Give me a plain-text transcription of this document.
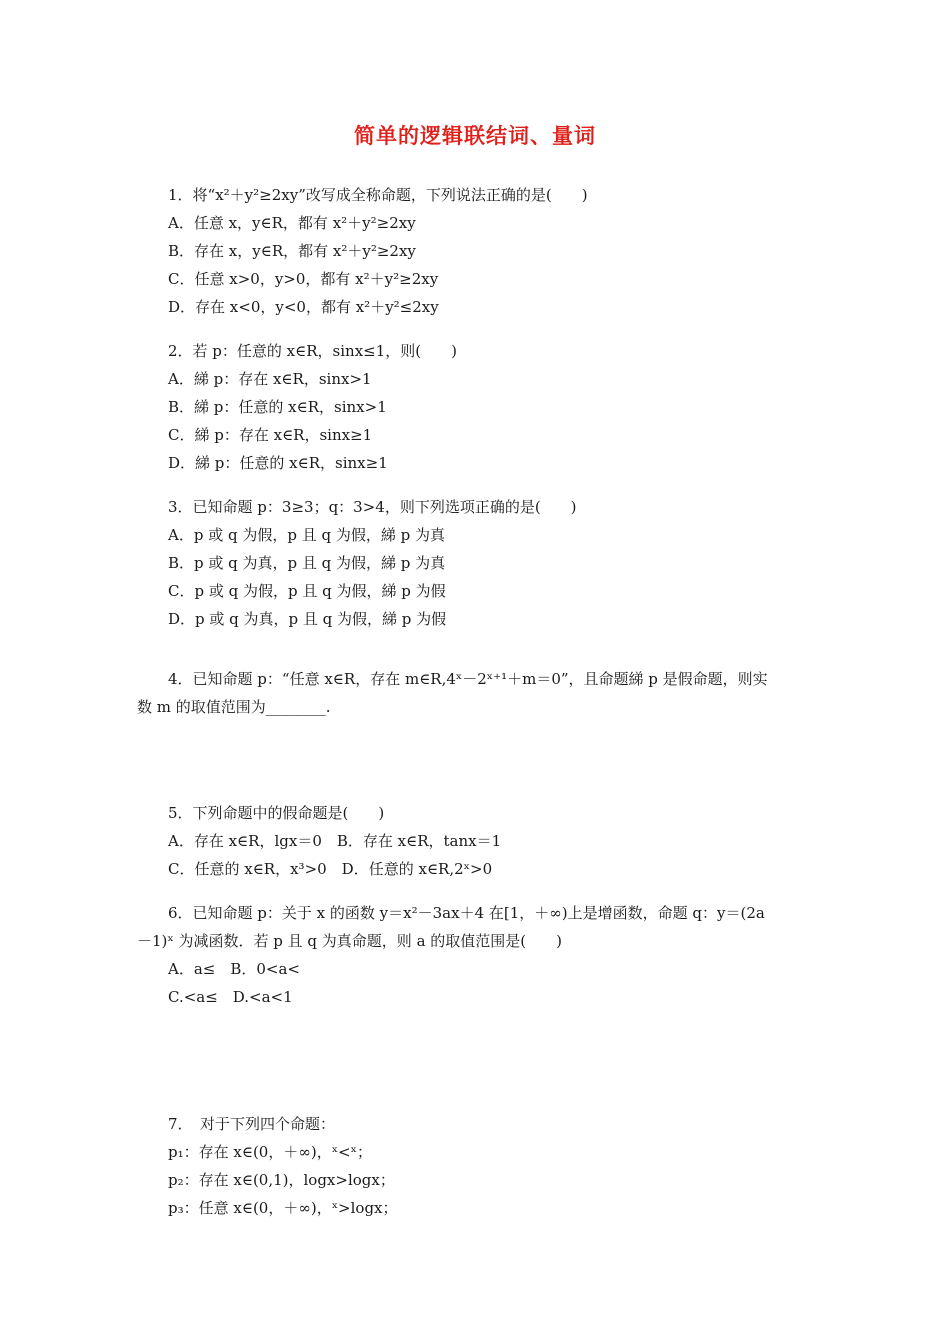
简单的逻辑联结词、量词
1．将“x²＋y²≥2xy”改写成全称命题，下列说法正确的是(　　)
A．任意 x，y∈R，都有 x²＋y²≥2xy
B．存在 x，y∈R，都有 x²＋y²≥2xy
C．任意 x>0，y>0，都有 x²＋y²≥2xy
D．存在 x<0，y<0，都有 x²＋y²≤2xy
2．若 p：任意的 x∈R，sinx≤1，则(　　)
A．綈 p：存在 x∈R，sinx>1
B．綈 p：任意的 x∈R，sinx>1
C．綈 p：存在 x∈R，sinx≥1
D．綈 p：任意的 x∈R，sinx≥1
3．已知命题 p：3≥3；q：3>4，则下列选项正确的是(　　)
A．p 或 q 为假，p 且 q 为假，綈 p 为真
B．p 或 q 为真，p 且 q 为假，綈 p 为真
C．p 或 q 为假，p 且 q 为假，綈 p 为假
D．p 或 q 为真，p 且 q 为假，綈 p 为假
4．已知命题 p：“任意 x∈R，存在 m∈R,4ˣ－2ˣ⁺¹＋m＝0”，且命题綈 p 是假命题，则实
数 m 的取值范围为________.
5．下列命题中的假命题是(　　)
A．存在 x∈R，lgx＝0　B．存在 x∈R，tanx＝1
C．任意的 x∈R，x³>0　D．任意的 x∈R,2ˣ>0
6．已知命题 p：关于 x 的函数 y＝x²－3ax＋4 在[1，＋∞)上是增函数，命题 q：y＝(2a
－1)ˣ 为减函数．若 p 且 q 为真命题，则 a 的取值范围是(　　)
A．a≤　B．0<a<
C.<a≤　D.<a<1
7．　对于下列四个命题：
p₁：存在 x∈(0，＋∞)，ˣ<ˣ；
p₂：存在 x∈(0,1)，logx>logx；
p₃：任意 x∈(0，＋∞)，ˣ>logx；
